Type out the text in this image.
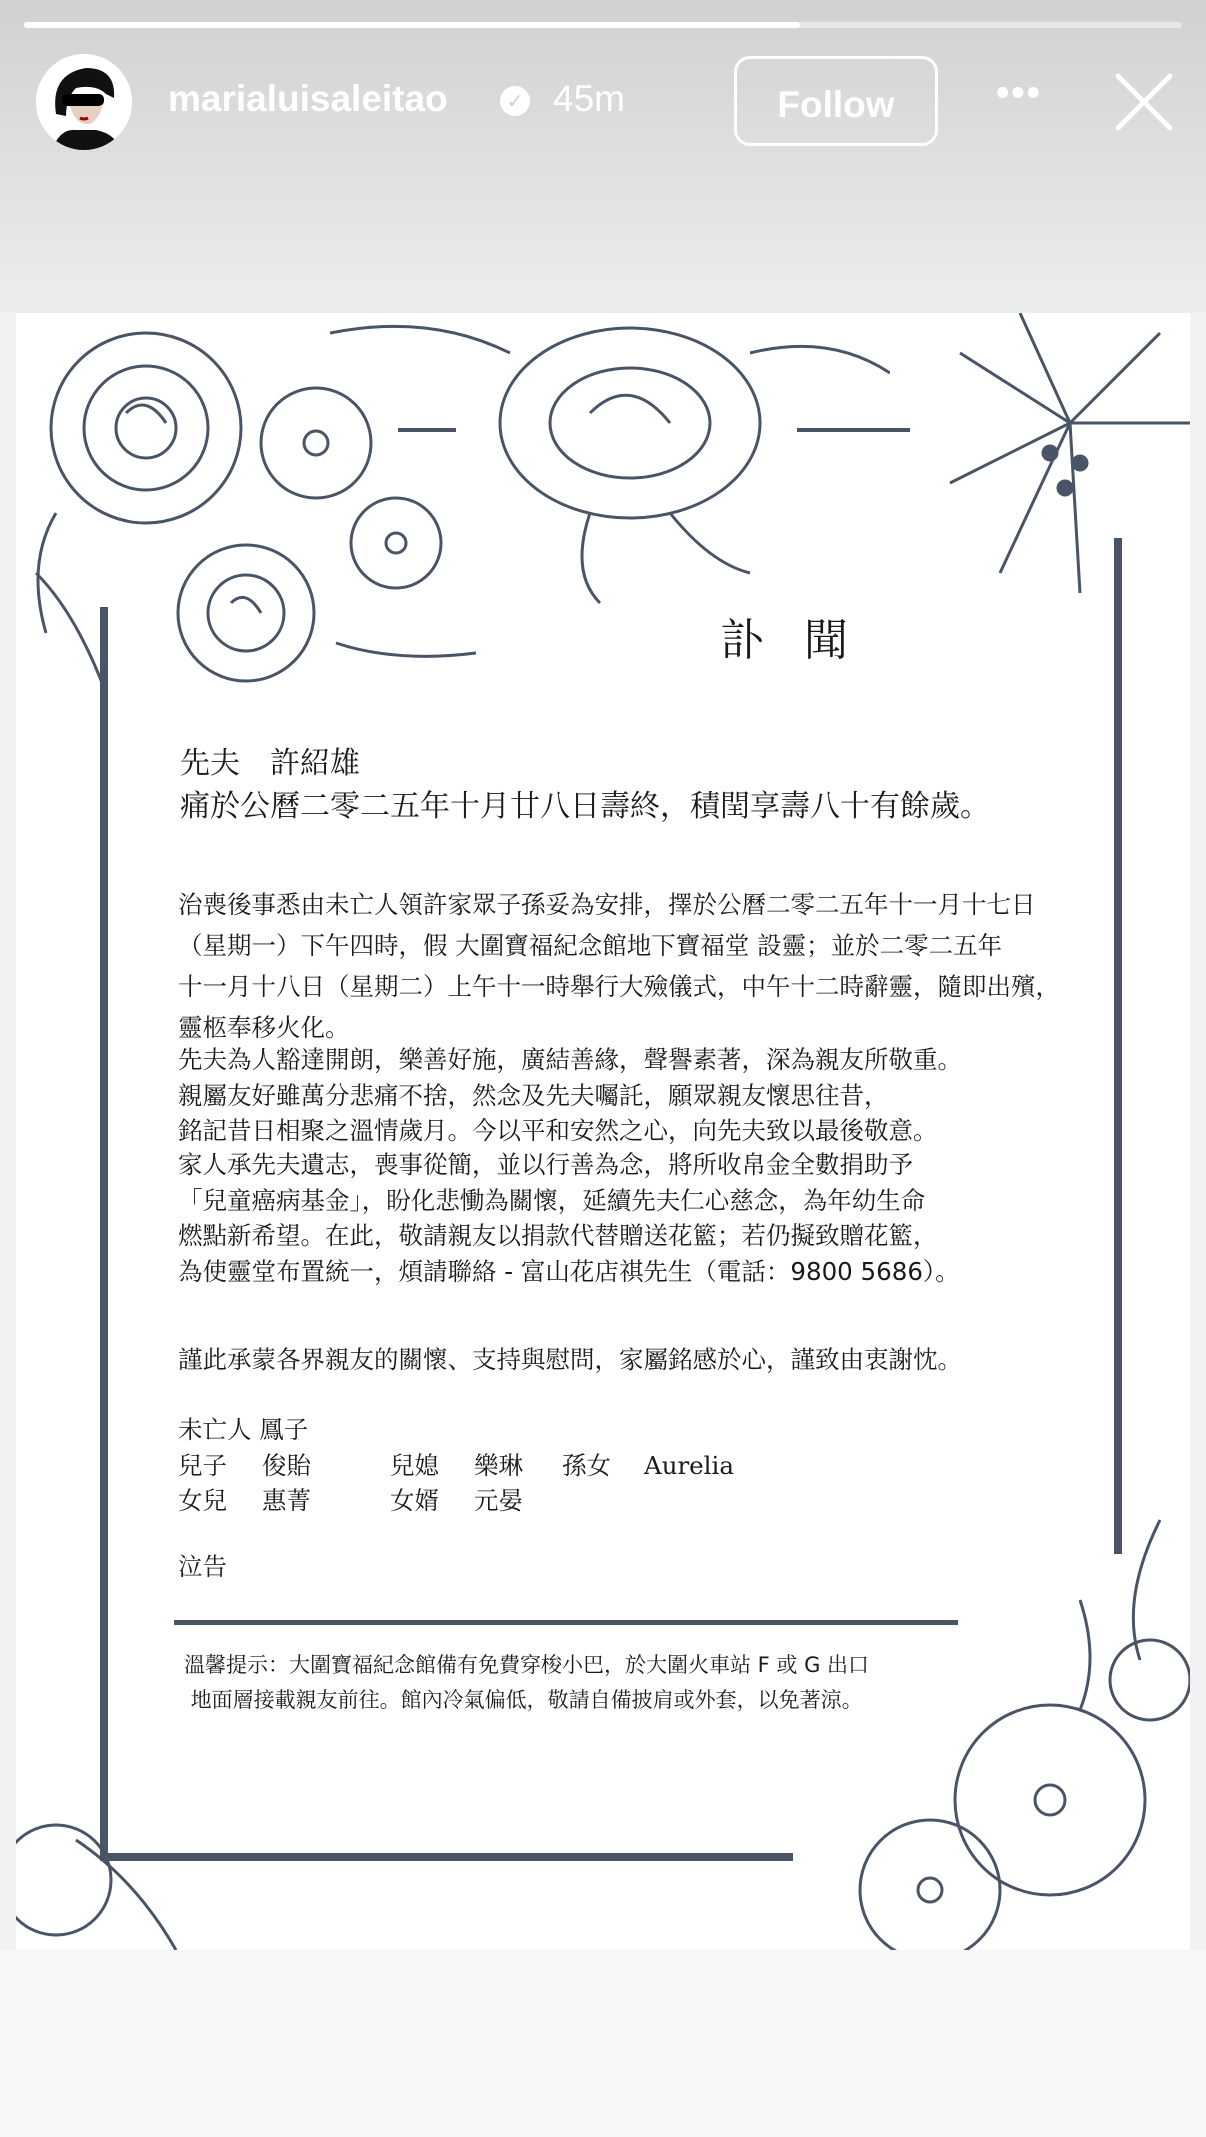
marialuisaleitao	✓ 45m	Follow	•••
訃聞
先夫　許紹雄
痛於公曆二零二五年十月廿八日壽終，積閏享壽八十有餘歲。
治喪後事悉由未亡人領許家眾子孫妥為安排，擇於公曆二零二五年十一月十七日
（星期一）下午四時，假 大圍寶福紀念館地下寶福堂 設靈；並於二零二五年
十一月十八日（星期二）上午十一時舉行大殮儀式，中午十二時辭靈，隨即出殯，
靈柩奉移火化。
先夫為人豁達開朗，樂善好施，廣結善緣，聲譽素著，深為親友所敬重。
親屬友好雖萬分悲痛不捨，然念及先夫囑託，願眾親友懷思往昔，
銘記昔日相聚之溫情歲月。今以平和安然之心，向先夫致以最後敬意。
家人承先夫遺志，喪事從簡，並以行善為念，將所收帛金全數捐助予
「兒童癌病基金」，盼化悲慟為關懷，延續先夫仁心慈念，為年幼生命
燃點新希望。在此，敬請親友以捐款代替贈送花籃；若仍擬致贈花籃，
為使靈堂布置統一，煩請聯絡 - 富山花店祺先生（電話：9800 5686）。
謹此承蒙各界親友的關懷、支持與慰問，家屬銘感於心，謹致由衷謝忱。
未亡人 鳳子
兒子 俊貽	兒媳 樂琳 孫女 Aurelia
女兒 惠菁	女婿 元晏
泣告
溫馨提示：大圍寶福紀念館備有免費穿梭小巴，於大圍火車站 F 或 G 出口
地面層接載親友前往。館內冷氣偏低，敬請自備披肩或外套，以免著涼。
